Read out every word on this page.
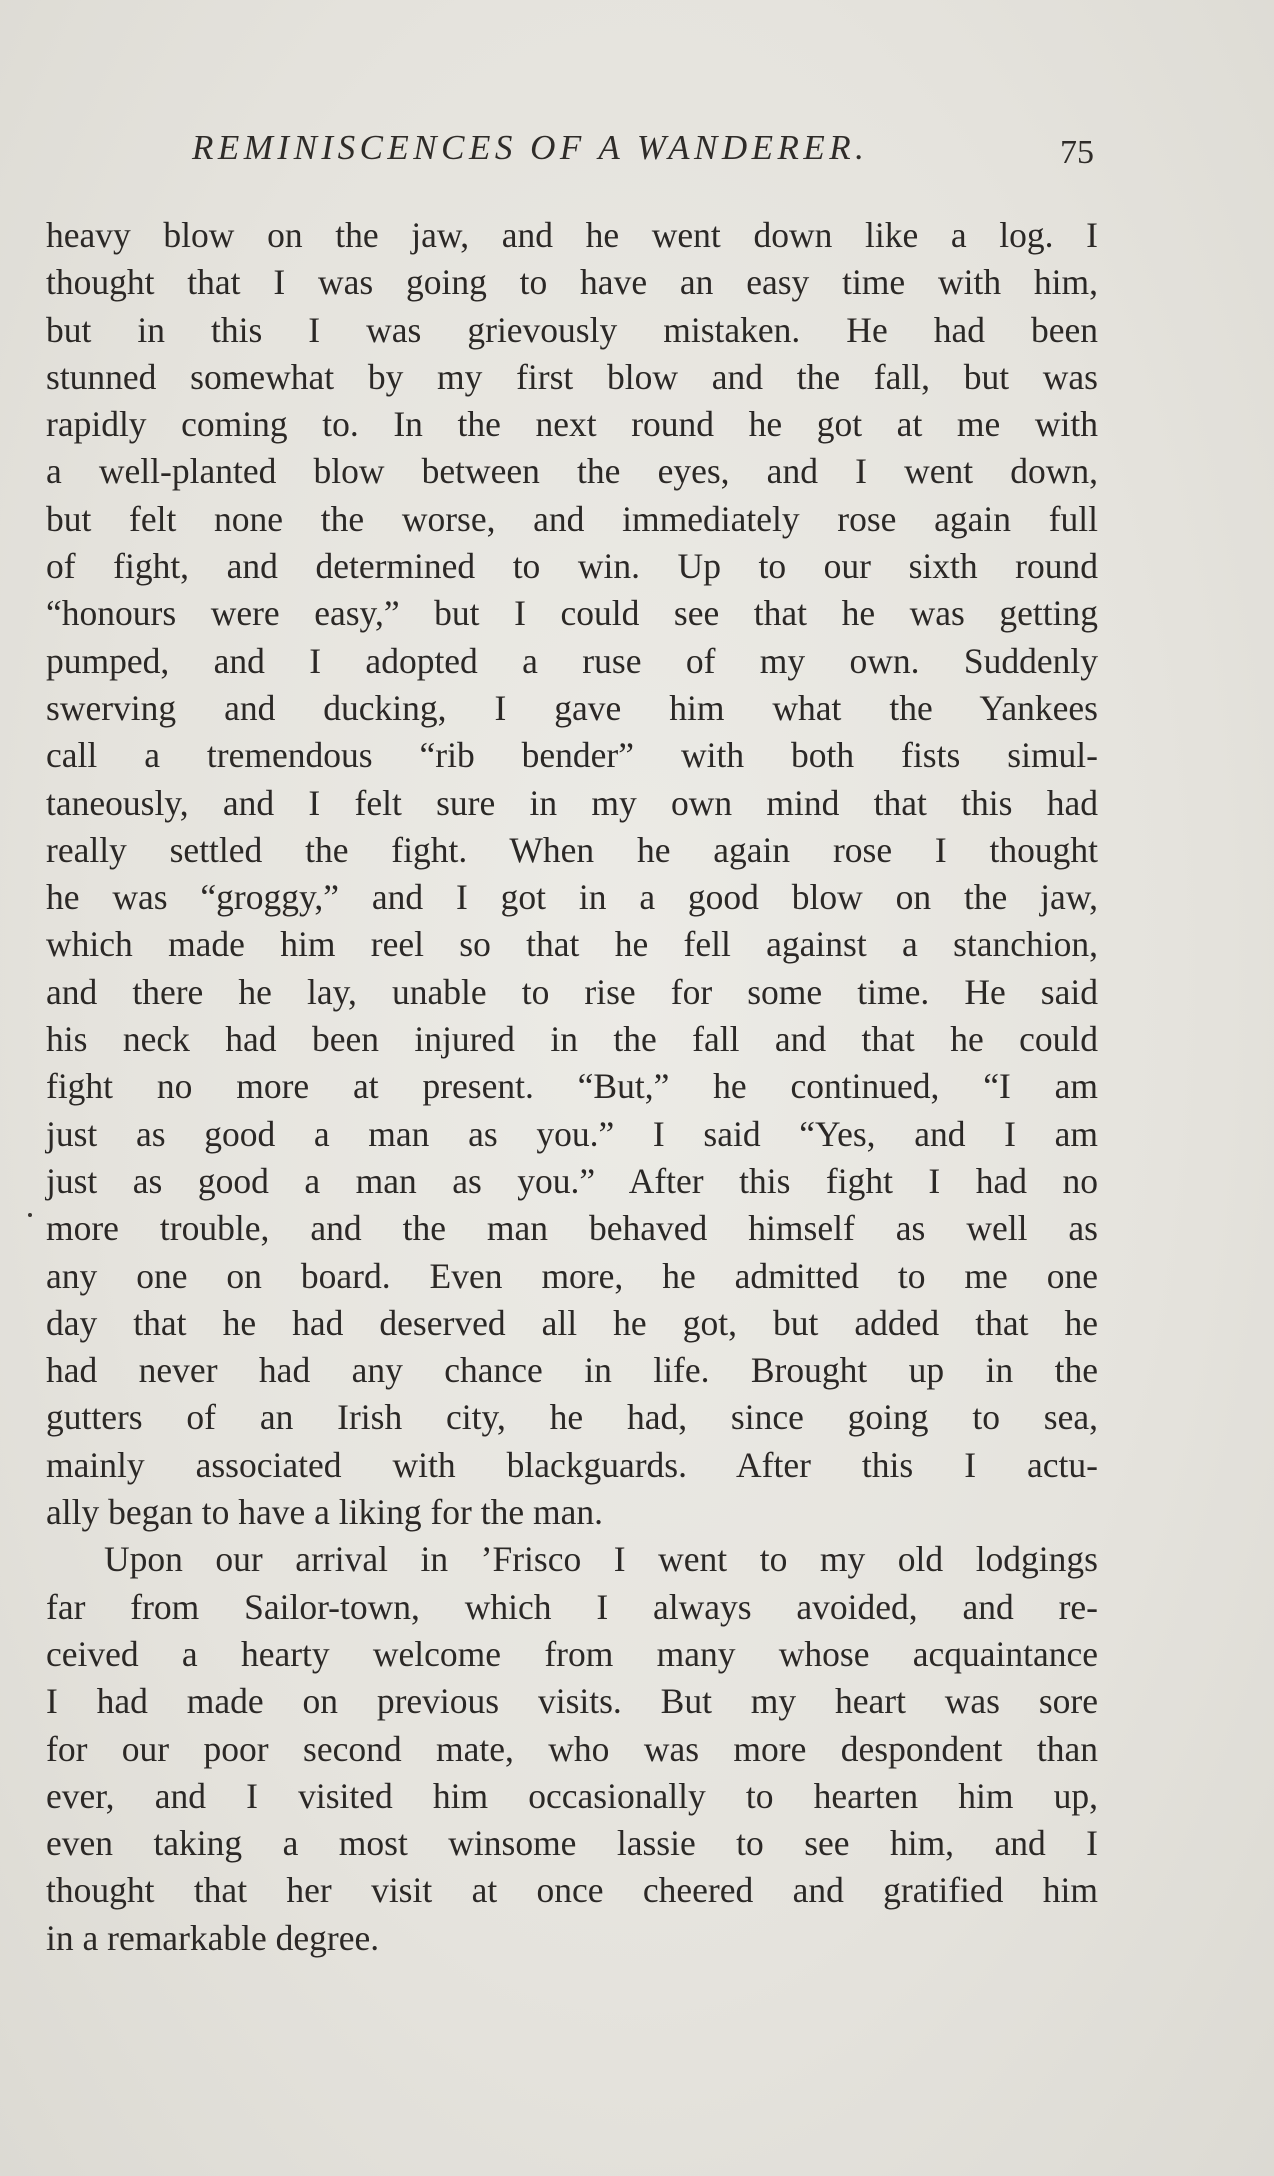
REMINISCENCES OF A WANDERER.	75
heavy blow on the jaw, and he went down like a log. I
thought that I was going to have an easy time with him,
but in this I was grievously mistaken. He had been
stunned somewhat by my first blow and the fall, but was
rapidly coming to. In the next round he got at me with
a well-planted blow between the eyes, and I went down,
but felt none the worse, and immediately rose again full
of fight, and determined to win. Up to our sixth round
“honours were easy,” but I could see that he was getting
pumped, and I adopted a ruse of my own. Suddenly
swerving and ducking, I gave him what the Yankees
call a tremendous “rib bender” with both fists simul-
taneously, and I felt sure in my own mind that this had
really settled the fight. When he again rose I thought
he was “groggy,” and I got in a good blow on the jaw,
which made him reel so that he fell against a stanchion,
and there he lay, unable to rise for some time. He said
his neck had been injured in the fall and that he could
fight no more at present. “But,” he continued, “I am
just as good a man as you.” I said “Yes, and I am
just as good a man as you.” After this fight I had no
more trouble, and the man behaved himself as well as
any one on board. Even more, he admitted to me one
day that he had deserved all he got, but added that he
had never had any chance in life. Brought up in the
gutters of an Irish city, he had, since going to sea,
mainly associated with blackguards. After this I actu-
ally began to have a liking for the man.
Upon our arrival in ’Frisco I went to my old lodgings
far from Sailor-town, which I always avoided, and re-
ceived a hearty welcome from many whose acquaintance
I had made on previous visits. But my heart was sore
for our poor second mate, who was more despondent than
ever, and I visited him occasionally to hearten him up,
even taking a most winsome lassie to see him, and I
thought that her visit at once cheered and gratified him
in a remarkable degree.
